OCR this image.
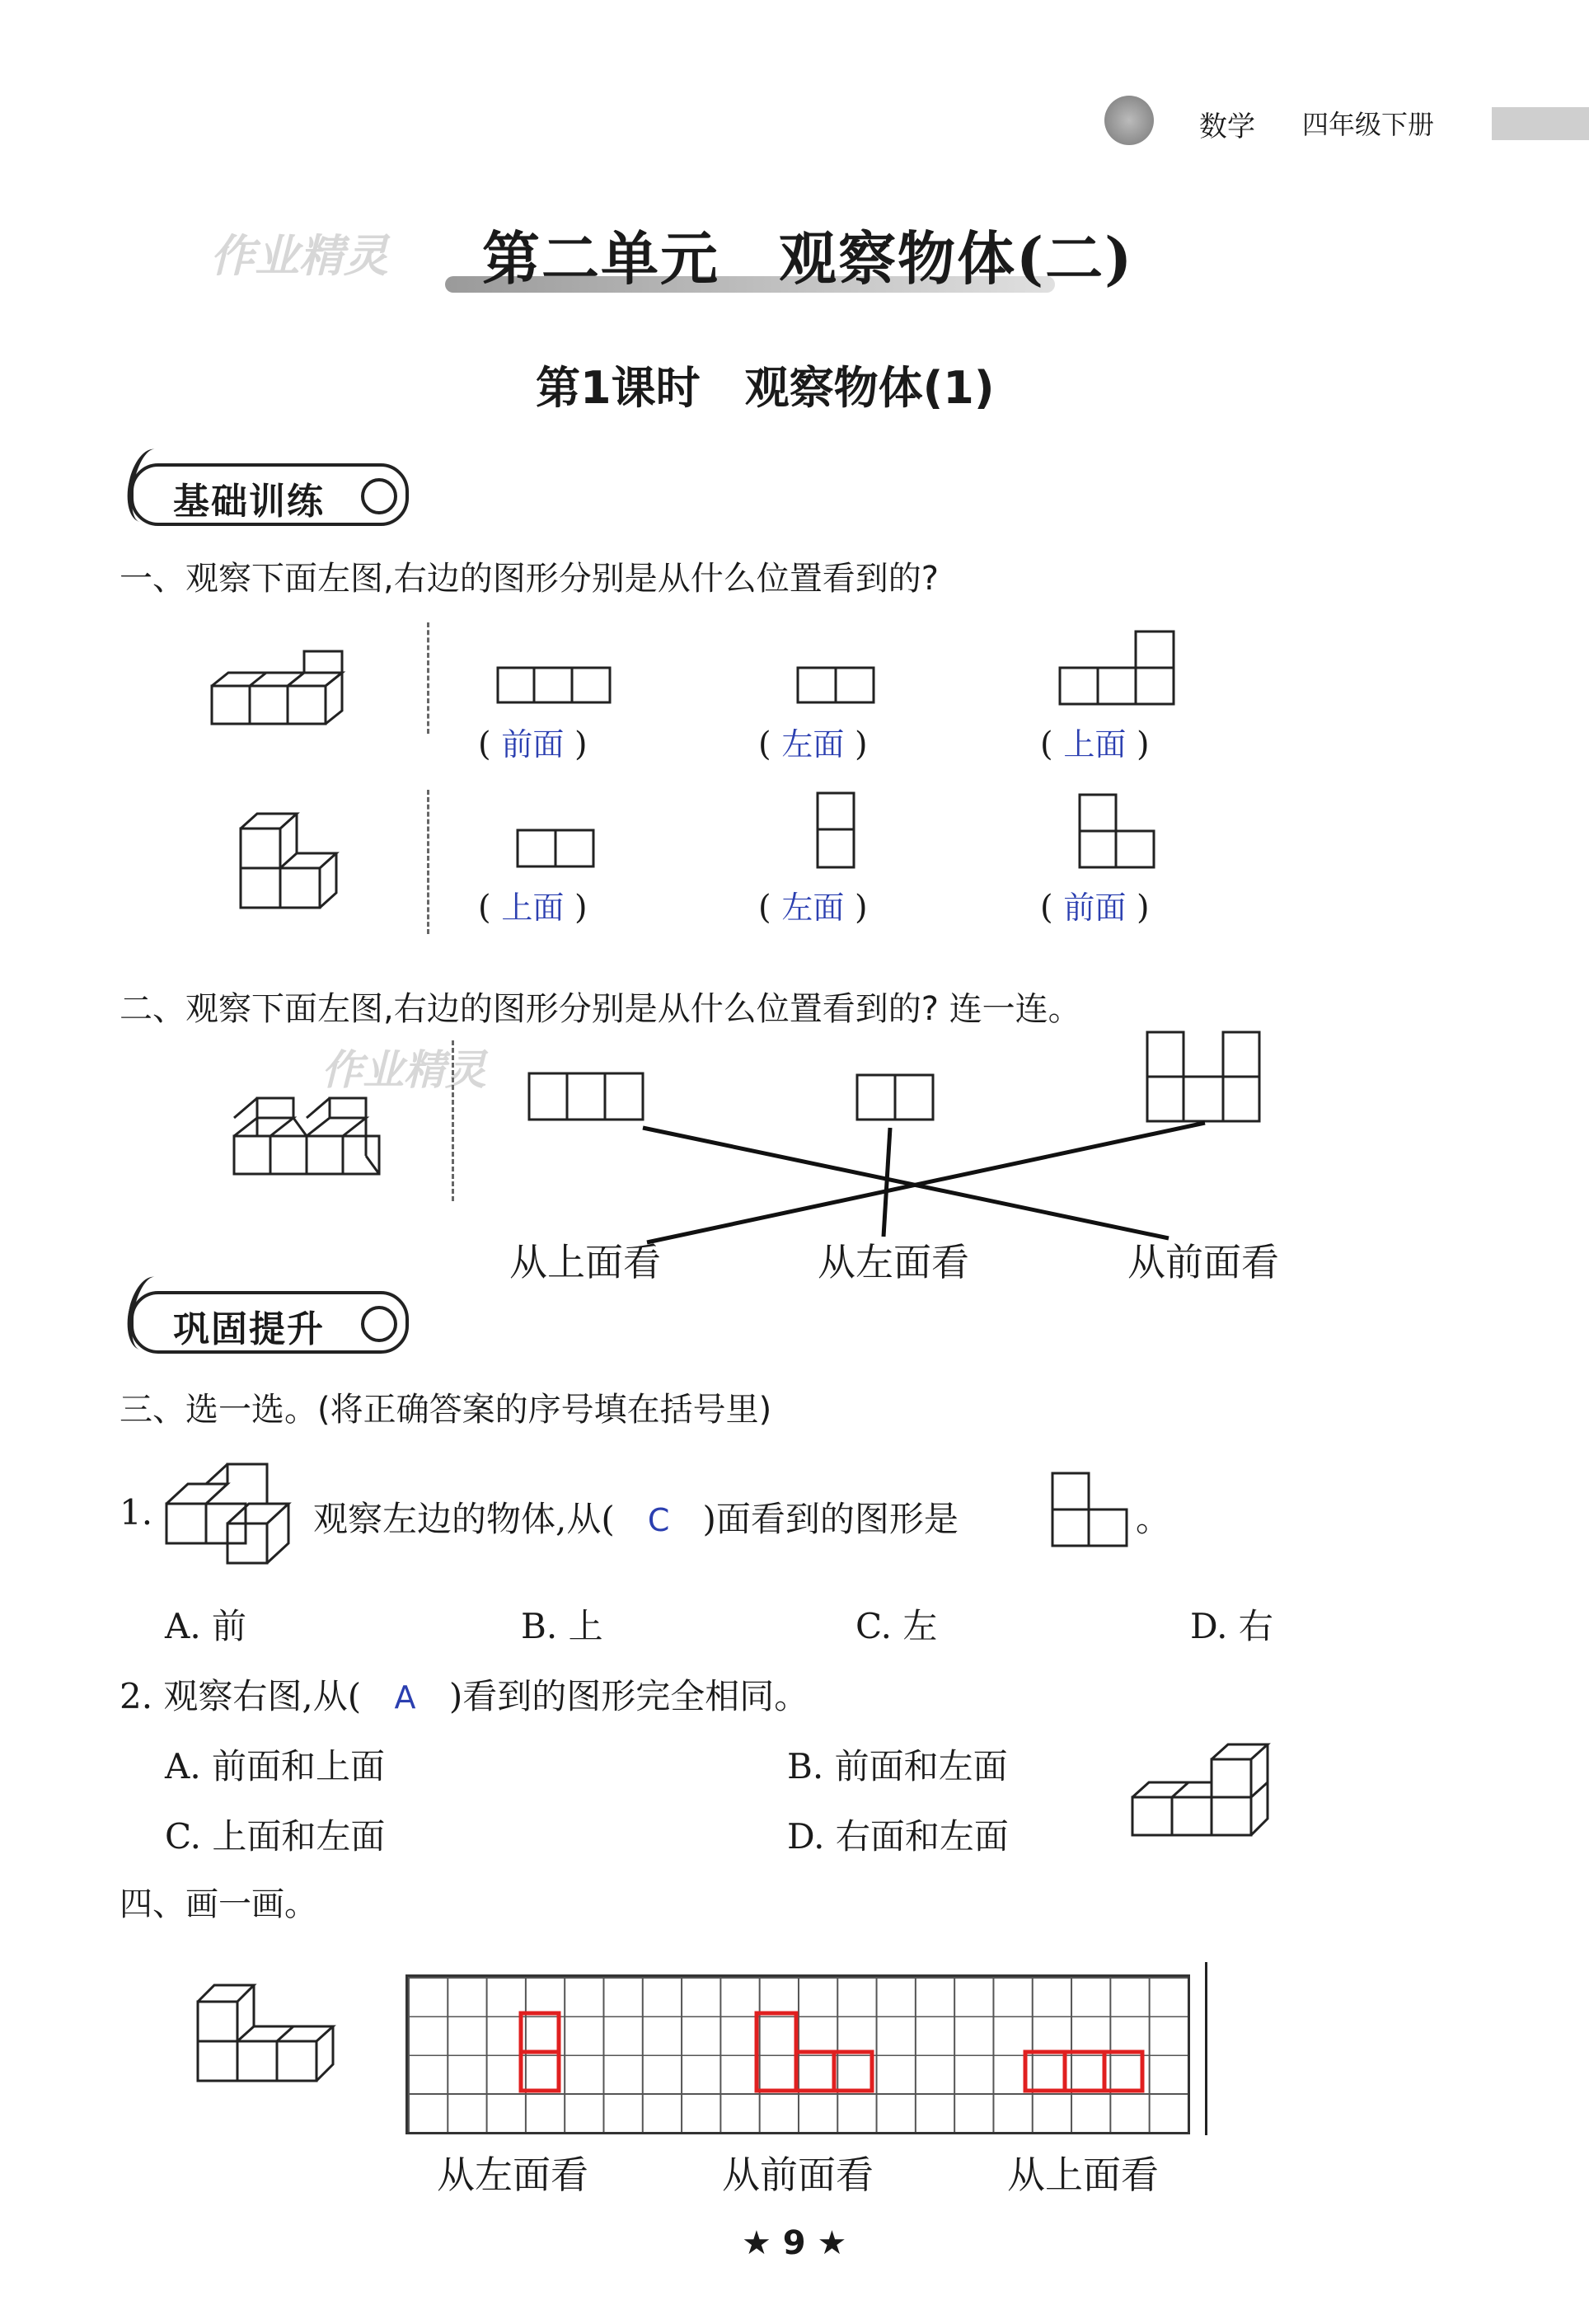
数学 四年级下册
作业精灵 第二单元　观察物体(二)
第1课时　观察物体(1)
基础训练
一、观察下面左图,右边的图形分别是从什么位置看到的?
( 前面 )	( 左面 )	( 上面 )
( 上面 )	( 左面 )	( 前面 )
二、观察下面左图,右边的图形分别是从什么位置看到的? 连一连。
作业精灵
从上面看	从左面看	从前面看
巩固提升
三、选一选。(将正确答案的序号填在括号里)
1.	观察左边的物体,从( C )面看到的图形是	。
A. 前	B. 上	C. 左	D. 右
2. 观察右图,从( A )看到的图形完全相同。
A. 前面和上面	B. 前面和左面
C. 上面和左面	D. 右面和左面
四、画一画。
从左面看	从前面看	从上面看
★ 9 ★
